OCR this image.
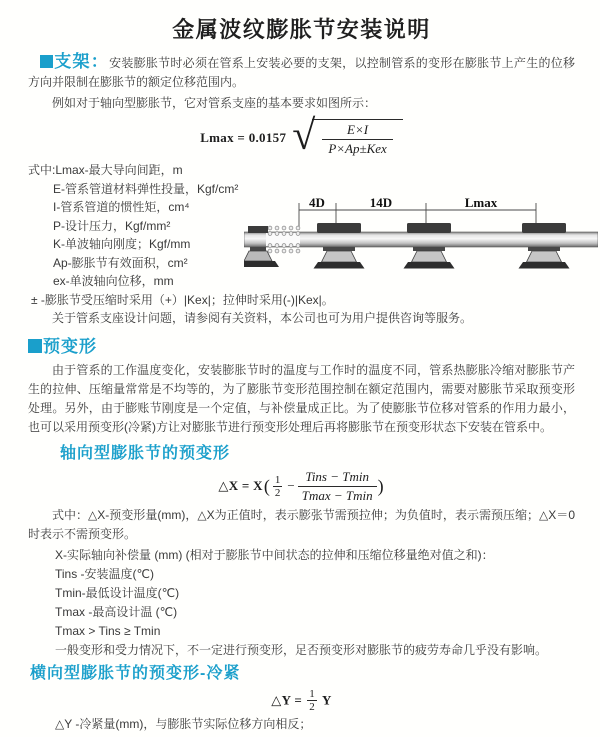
金属波纹膨胀节安装说明

支架：安装膨胀节时必须在管系上安装必要的支架，以控制管系的变形在膨胀节上产生的位移方向并限制在膨胀节的额定位移范围内。

例如对于轴向型膨胀节，它对管系支座的基本要求如图所示：

Lmax = 0.0157 √
$\frac{E\times I}{\text{P×Ap±Kex}}$
式中:Lmax-最大导向间距，m
E-管系管道材料弹性投量，Kgf/cm²
I-管系管道的惯性矩，cm⁴
P-设计压力，Kgf/mm²
K-单波轴向刚度；Kgf/mm
Ap-膨胀节有效面积，cm²
ex-单波轴向位移，mm
± -膨胀节受压缩时采用（+）|Kex|；拉伸时采用(-)|Kex|。

关于管系支座设计问题，请参阅有关资料，本公司也可为用户提供咨询等服务。

预变形

由于管系的工作温度变化，安装膨胀节时的温度与工作时的温度不同，管系热膨胀冷缩对膨胀节产生的拉伸、压缩量常常是不均等的，为了膨胀节变形范围控制在额定范围内，需要对膨胀节采取预变形处理。另外，由于膨账节刚度是一个定值，与补偿量成正比。为了使膨胀节位移对管系的作用力最小，也可以采用预变形(冷紧)方让对膨胀节进行预变形处理后再将膨胀节在预变形状态下安装在管系中。

轴向型膨胀节的预变形
△X = $X( \frac{1}{2} - \frac{\text{Tins − Tmin}}{Tmax - Tmin}$ )

式中：△X-预变形量(mm)，△X为正值时，表示膨张节需预拉伸；为负值时，表示需预压缩；△X＝0时表示不需预变形。

X-实际轴向补偿量 (mm) (相对于膨胀节中间状态的拉伸和压缩位移量绝对值之和)：
Tins -安装温度(℃)
Tmin-最低设计温度(℃)
Tmax -最高设计温 (℃)
Tmax > Tins ≥ Tmin
一般变形和受力情况下，不一定进行预变形，足否预变形对膨胀节的疲劳寿命几乎没有影响。
横向型膨胀节的预变形-冷紧
△Y = $\frac{1}{2}$ Y
△Y -冷紧量(mm)，与膨胀节实际位移方向相反；
4D	14D	Lmax
